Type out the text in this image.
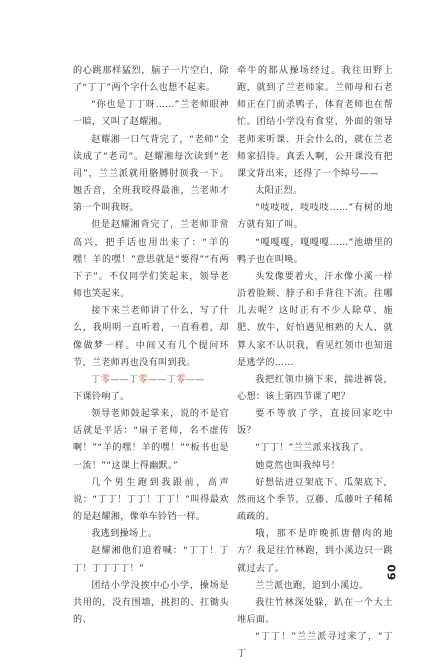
的心跳那样猛烈，脑子一片空白，除了“丁丁”两个字什么也想不起来。

“你也是丁丁呀……”兰老师眼神一暗，又叫了赵耀湘。

赵耀湘一口气背完了，“老师”全读成了“老司”。赵耀湘每次读到“老司”，兰兰派就用胳膊肘顶我一下。翘舌音，全班我咬得最准，兰老师才第一个叫我呀。

但是赵耀湘背完了，兰老师非常高兴，把手话也用出来了：“羊的嘿！羊的嘿！”意思就是“要得”“有两下子”。不仅同学们笑起来，领导老师也笑起来。

接下来兰老师讲了什么，写了什么，我明明一直听着，一直看着，却像做梦一样。中间又有几个提问环节，兰老师再也没有叫到我。

丁零——丁零——丁零——

下课铃响了。

领导老师鼓起掌来，说的不是官话就是平话：“扇子老师，名不虚传啊！”“羊的嘿！羊的嘿！”“板书也是一流！”“这课上得幽默。”

几个男生跑到我跟前，高声说：“丁丁！丁丁！丁丁！”叫得最欢的是赵耀湘，像单车铃铛一样。

我逃到操场上。

赵耀湘他们追着喊：“丁丁！丁丁！丁丁丁丁！”

团结小学没挨中心小学，操场是共用的，没有围墙，挑担的、扛锄头的、

牵牛的都从操场经过。我往田野上跑，就到了兰老师家。兰师母和石老师正在门前杀鸭子，体育老师也在帮忙。团结小学没有食堂，外面的领导老师来听课、开会什么的，就在兰老师家招待。真丢人啊，公开课没有把课文背出来，还得了一个绰号——

太阳正烈。

“吱吱吱，吱吱吱……”有树的地方就有知了叫。

“嘎嘎嘎，嘎嘎嘎……”池塘里的鸭子也在叫唤。

头发像要着火，汗水像小溪一样沿着脸颊、脖子和手背往下流。往哪儿去呢？这时正有不少人除草、施肥、放牛，好怕遇见相熟的大人，就算人家不认识我，看见红领巾也知道是逃学的……

我把红领巾摘下来，揣进裤袋，心想：该上第四节课了吧？

要不等放了学，直接回家吃中饭？

“丁丁！”兰兰派来找我了。

她竟然也叫我绰号！

好想钻进豆架底下、瓜架底下，然而这个季节，豆藤、瓜藤叶子稀稀疏疏的。

哦，那不是昨晚抓唐僧肉的地方？我足往竹林跑，到小溪边只一跳就过去了。

兰兰派也跑，追到小溪边。

我往竹林深处躲，趴在一个大土堆后面。

“丁丁！”兰兰派寻过来了，“丁丁

09
